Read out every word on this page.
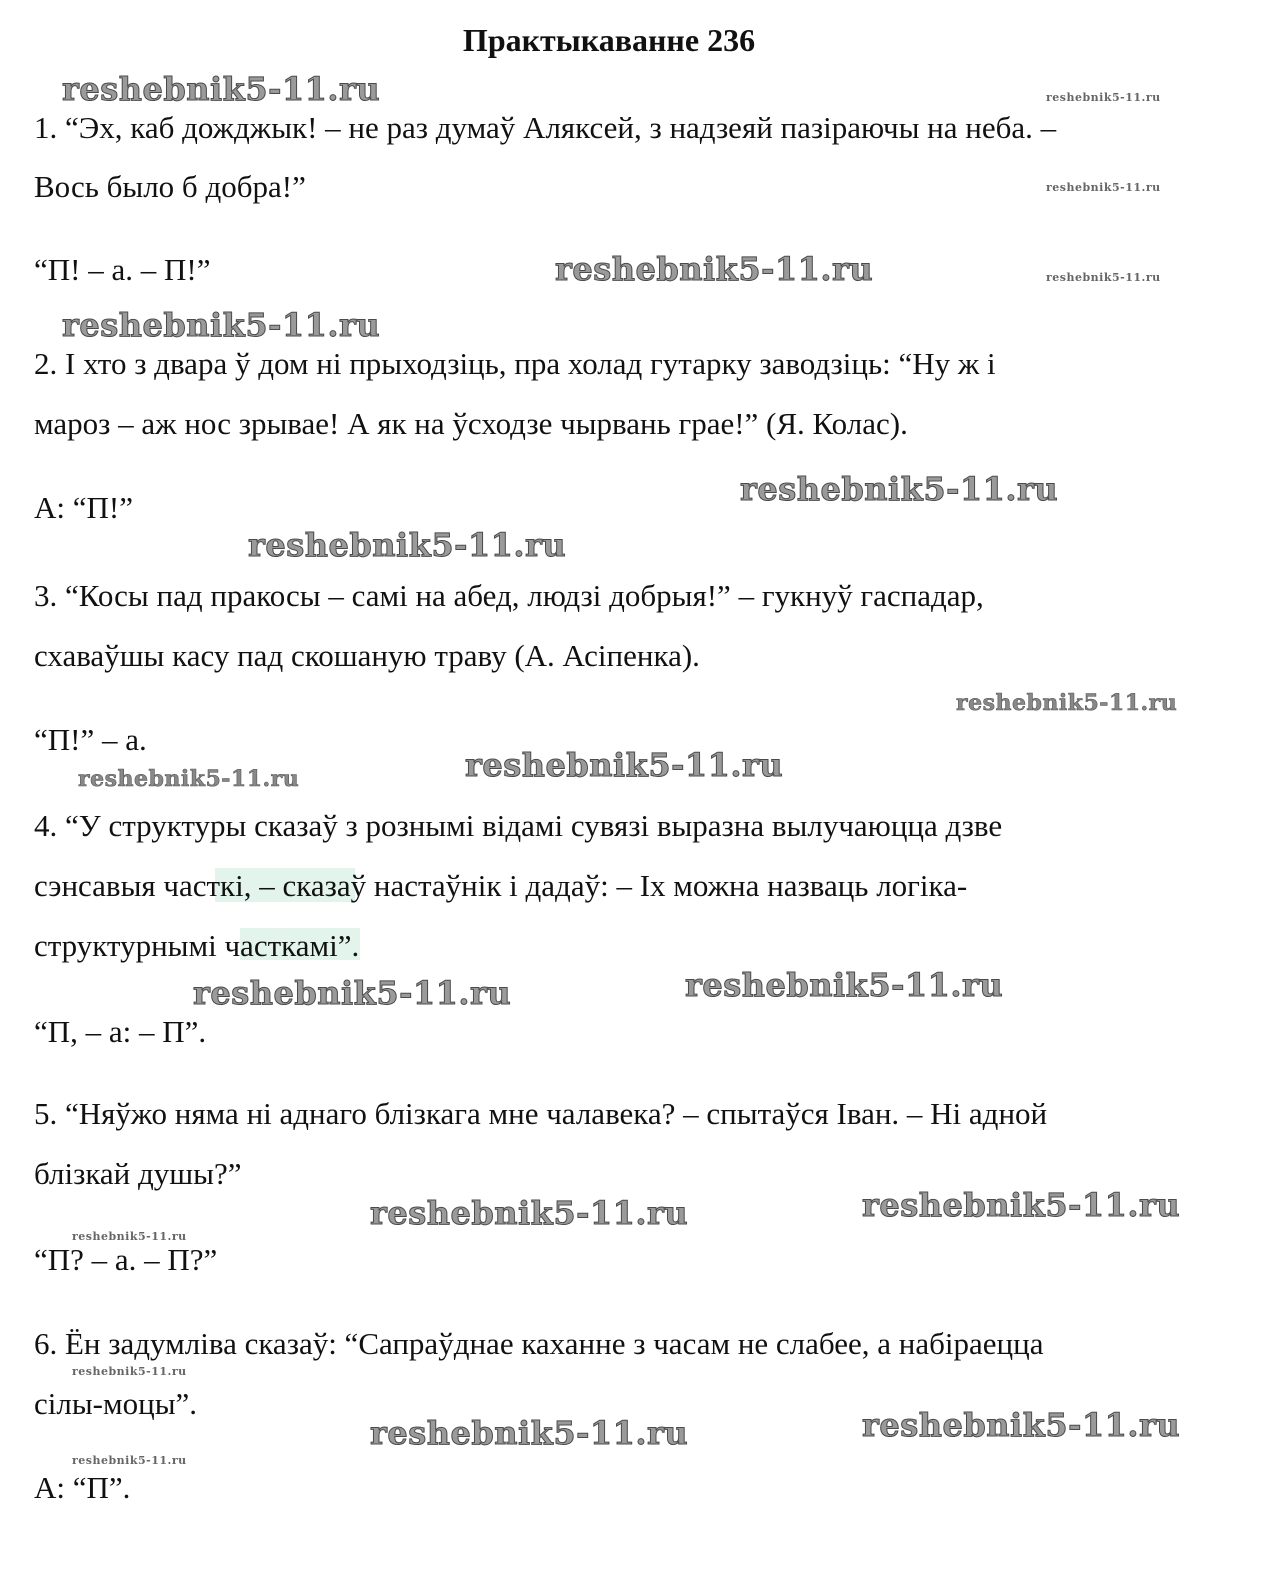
Практыкаванне 236
1. “Эх, каб дожджык! – не раз думаў Аляксей, з надзеяй пазіраючы на неба. –
Вось было б добра!”
“П! – а. – П!”
2. І хто з двара ў дом ні прыходзіць, пра холад гутарку заводзіць: “Ну ж і
мароз – аж нос зрывае! А як на ўсходзе чырвань грае!” (Я. Колас).
А: “П!”
3. “Косы пад пракосы – самі на абед, людзі добрыя!” – гукнуў гаспадар,
схаваўшы касу пад скошаную траву (А. Асіпенка).
“П!” – а.
4. “У структуры сказаў з рознымі відамі сувязі выразна вылучаюцца дзве
сэнсавыя часткі, – сказаў настаўнік і дадаў: – Іх можна назваць логіка-
структурнымі часткамі”.
“П, – а: – П”.
5. “Няўжо няма ні аднаго блізкага мне чалавека? – спытаўся Іван. – Ні адной
блізкай душы?”
“П? – а. – П?”
6. Ён задумліва сказаў: “Сапраўднае каханне з часам не слабее, а набіраецца
сілы-моцы”.
А: “П”.
reshebnik5-11.ru	reshebnik5-11.ru
reshebnik5-11.ru
reshebnik5-11.ru	reshebnik5-11.ru
reshebnik5-11.ru
reshebnik5-11.ru
reshebnik5-11.ru
reshebnik5-11.ru
reshebnik5-11.ru	reshebnik5-11.ru
reshebnik5-11.ru
reshebnik5-11.ru
reshebnik5-11.ru
reshebnik5-11.ru
reshebnik5-11.ru
reshebnik5-11.ru
reshebnik5-11.ru
reshebnik5-11.ru
reshebnik5-11.ru
